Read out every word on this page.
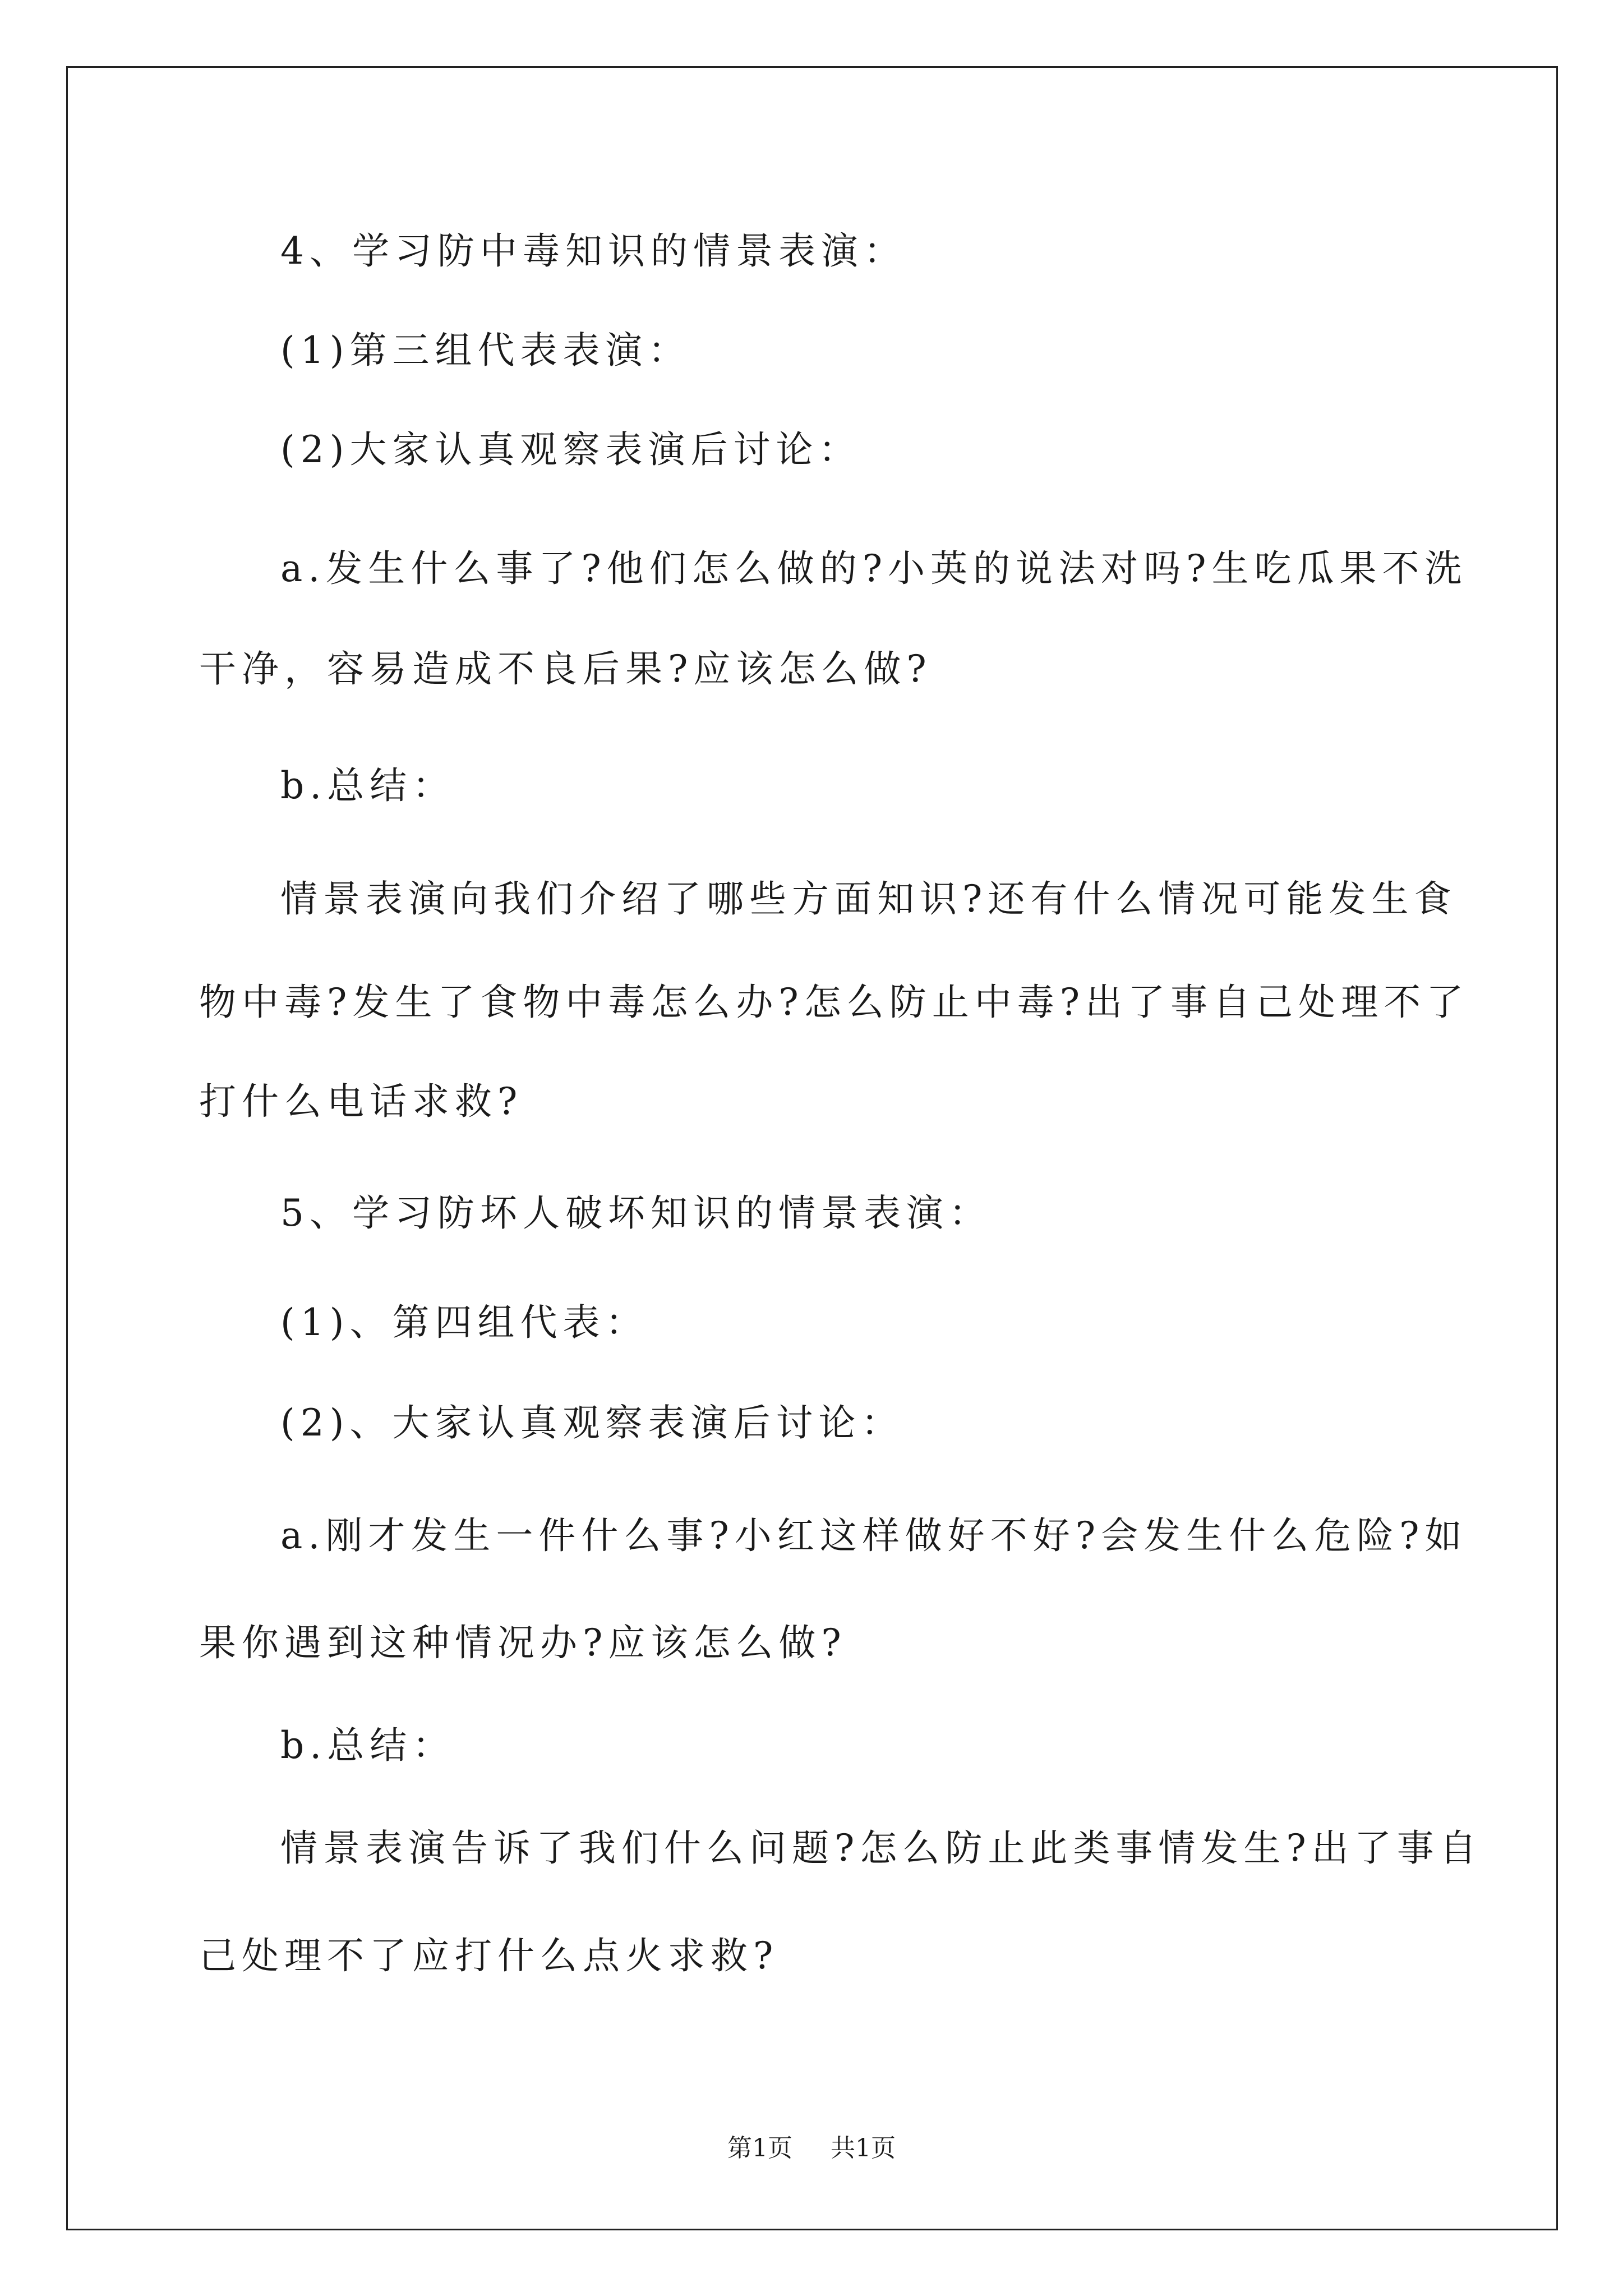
4、学习防中毒知识的情景表演：
(1)第三组代表表演：
(2)大家认真观察表演后讨论：
a.发生什么事了?他们怎么做的?小英的说法对吗?生吃瓜果不洗
干净，容易造成不良后果?应该怎么做?
b.总结：
情景表演向我们介绍了哪些方面知识?还有什么情况可能发生食
物中毒?发生了食物中毒怎么办?怎么防止中毒?出了事自己处理不了
打什么电话求救?
5、学习防坏人破坏知识的情景表演：
(1)、第四组代表：
(2)、大家认真观察表演后讨论：
a.刚才发生一件什么事?小红这样做好不好?会发生什么危险?如
果你遇到这种情况办?应该怎么做?
b.总结：
情景表演告诉了我们什么问题?怎么防止此类事情发生?出了事自
己处理不了应打什么点火求救?
第1页 共1页
